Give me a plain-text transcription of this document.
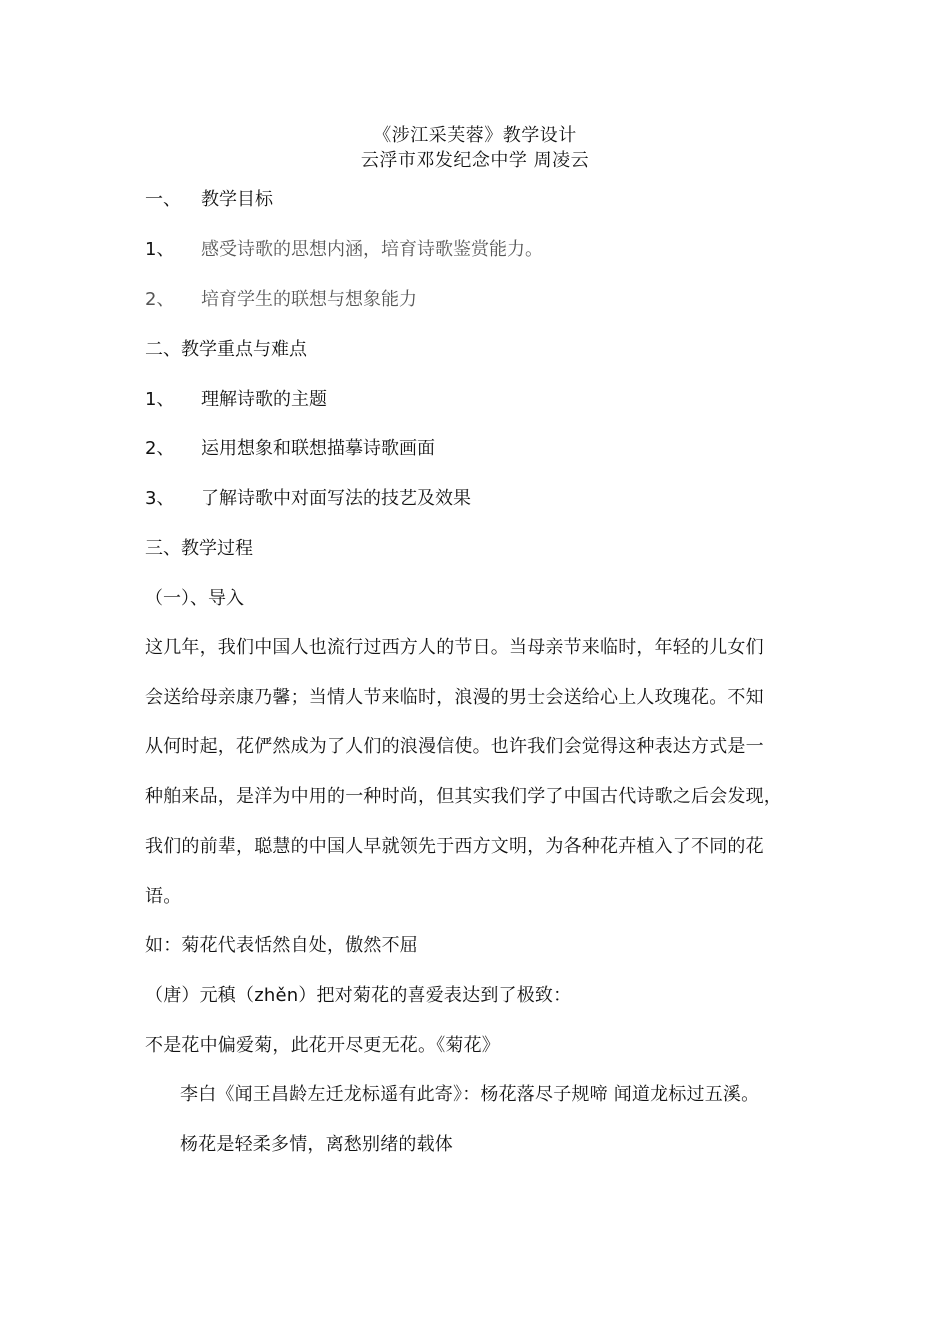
《涉江采芙蓉》教学设计
云浮市邓发纪念中学 周凌云
一、 教学目标
1、 感受诗歌的思想内涵，培育诗歌鉴赏能力。
2、 培育学生的联想与想象能力
二、教学重点与难点
1、 理解诗歌的主题
2、 运用想象和联想描摹诗歌画面
3、 了解诗歌中对面写法的技艺及效果
三、教学过程
（一）、导入
这几年，我们中国人也流行过西方人的节日。当母亲节来临时，年轻的儿女们
会送给母亲康乃馨；当情人节来临时，浪漫的男士会送给心上人玫瑰花。不知
从何时起，花俨然成为了人们的浪漫信使。也许我们会觉得这种表达方式是一
种舶来品，是洋为中用的一种时尚，但其实我们学了中国古代诗歌之后会发现，
我们的前辈，聪慧的中国人早就领先于西方文明，为各种花卉植入了不同的花
语。
如：菊花代表恬然自处，傲然不屈
（唐）元稹（zhěn）把对菊花的喜爱表达到了极致：
不是花中偏爱菊，此花开尽更无花。《菊花》
李白《闻王昌龄左迁龙标遥有此寄》：杨花落尽子规啼 闻道龙标过五溪。
杨花是轻柔多情，离愁别绪的载体
